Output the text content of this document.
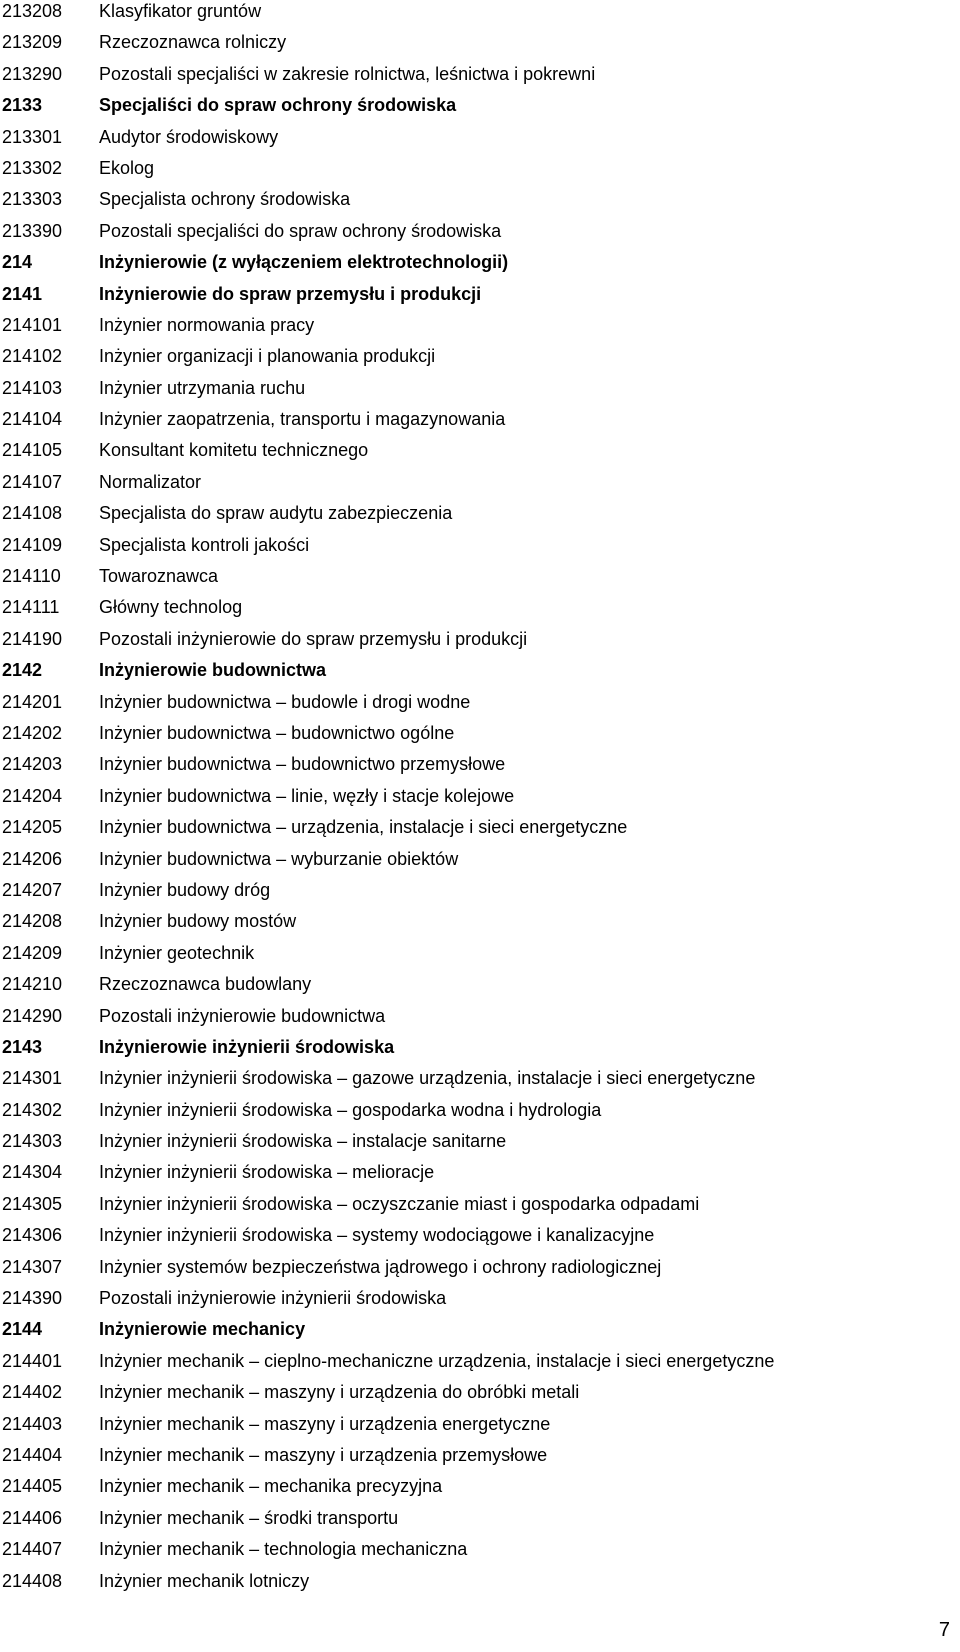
213208	Klasyfikator gruntów
213209	Rzeczoznawca rolniczy
213290	Pozostali specjaliści w zakresie rolnictwa, leśnictwa i pokrewni
2133	Specjaliści do spraw ochrony środowiska
213301	Audytor środowiskowy
213302	Ekolog
213303	Specjalista ochrony środowiska
213390	Pozostali specjaliści do spraw ochrony środowiska
214	Inżynierowie (z wyłączeniem elektrotechnologii)
2141	Inżynierowie do spraw przemysłu i produkcji
214101	Inżynier normowania pracy
214102	Inżynier organizacji i planowania produkcji
214103	Inżynier utrzymania ruchu
214104	Inżynier zaopatrzenia, transportu i magazynowania
214105	Konsultant komitetu technicznego
214107	Normalizator
214108	Specjalista do spraw audytu zabezpieczenia
214109	Specjalista kontroli jakości
214110	Towaroznawca
214111	Główny technolog
214190	Pozostali inżynierowie do spraw przemysłu i produkcji
2142	Inżynierowie budownictwa
214201	Inżynier budownictwa – budowle i drogi wodne
214202	Inżynier budownictwa – budownictwo ogólne
214203	Inżynier budownictwa – budownictwo przemysłowe
214204	Inżynier budownictwa – linie, węzły i stacje kolejowe
214205	Inżynier budownictwa – urządzenia, instalacje i sieci energetyczne
214206	Inżynier budownictwa – wyburzanie obiektów
214207	Inżynier budowy dróg
214208	Inżynier budowy mostów
214209	Inżynier geotechnik
214210	Rzeczoznawca budowlany
214290	Pozostali inżynierowie budownictwa
2143	Inżynierowie inżynierii środowiska
214301	Inżynier inżynierii środowiska – gazowe urządzenia, instalacje i sieci energetyczne
214302	Inżynier inżynierii środowiska – gospodarka wodna i hydrologia
214303	Inżynier inżynierii środowiska – instalacje sanitarne
214304	Inżynier inżynierii środowiska – melioracje
214305	Inżynier inżynierii środowiska – oczyszczanie miast i gospodarka odpadami
214306	Inżynier inżynierii środowiska – systemy wodociągowe i kanalizacyjne
214307	Inżynier systemów bezpieczeństwa jądrowego i ochrony radiologicznej
214390	Pozostali inżynierowie inżynierii środowiska
2144	Inżynierowie mechanicy
214401	Inżynier mechanik – cieplno-mechaniczne urządzenia, instalacje i sieci energetyczne
214402	Inżynier mechanik – maszyny i urządzenia do obróbki metali
214403	Inżynier mechanik – maszyny i urządzenia energetyczne
214404	Inżynier mechanik – maszyny i urządzenia przemysłowe
214405	Inżynier mechanik – mechanika precyzyjna
214406	Inżynier mechanik – środki transportu
214407	Inżynier mechanik – technologia mechaniczna
214408	Inżynier mechanik lotniczy
7
